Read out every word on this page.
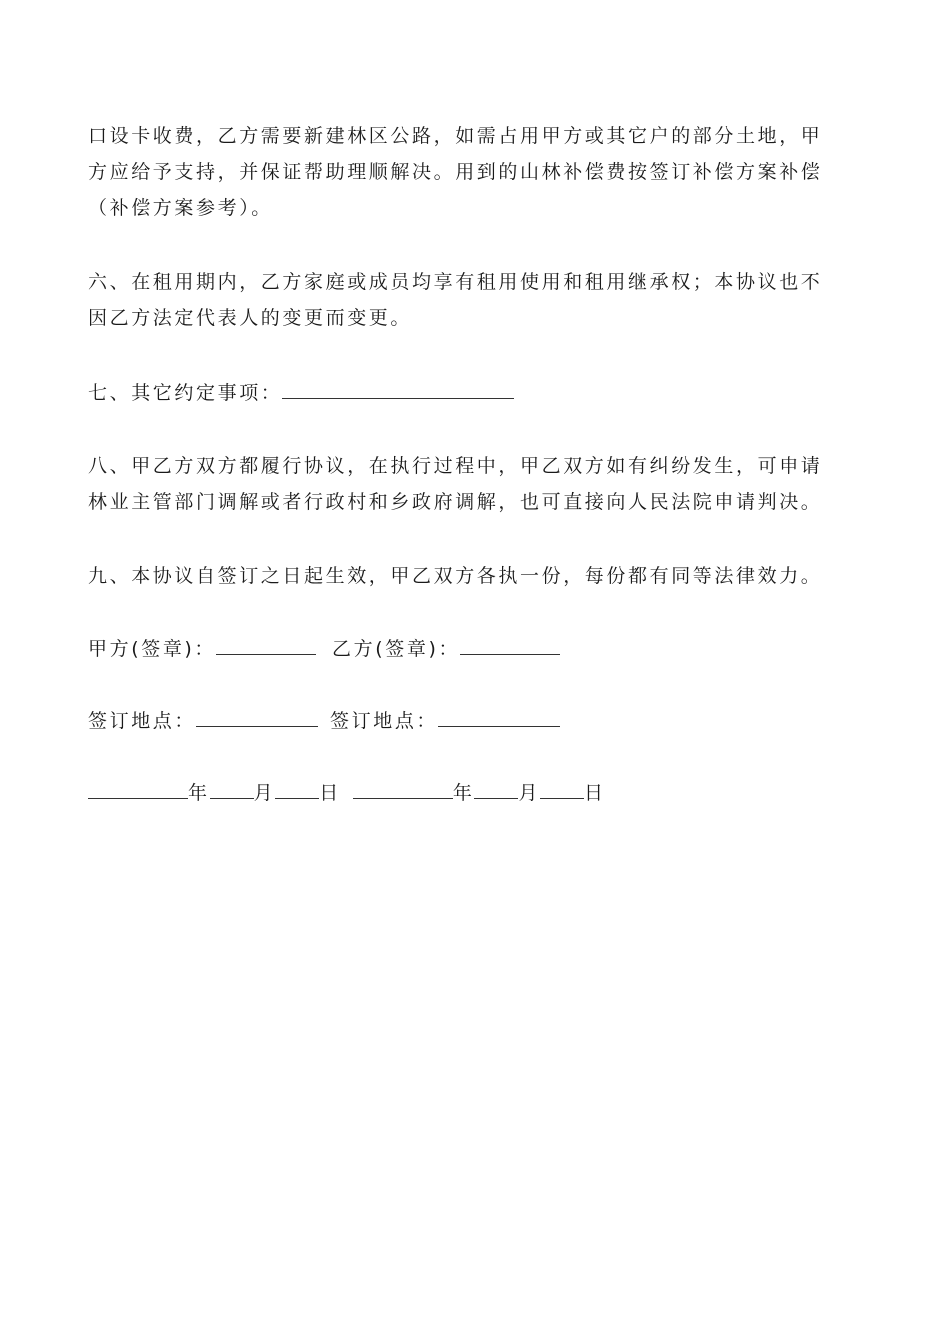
口设卡收费，乙方需要新建林区公路，如需占用甲方或其它户的部分土地，甲
方应给予支持，并保证帮助理顺解决。用到的山林补偿费按签订补偿方案补偿
（补偿方案参考）。
六、在租用期内，乙方家庭或成员均享有租用使用和租用继承权；本协议也不
因乙方法定代表人的变更而变更。
七、其它约定事项：
八、甲乙方双方都履行协议，在执行过程中，甲乙双方如有纠纷发生，可申请
林业主管部门调解或者行政村和乡政府调解，也可直接向人民法院申请判决。
九、本协议自签订之日起生效，甲乙双方各执一份，每份都有同等法律效力。
甲方(签章)：	乙方(签章)：
签订地点：	签订地点：
年 月 日	年 月 日
